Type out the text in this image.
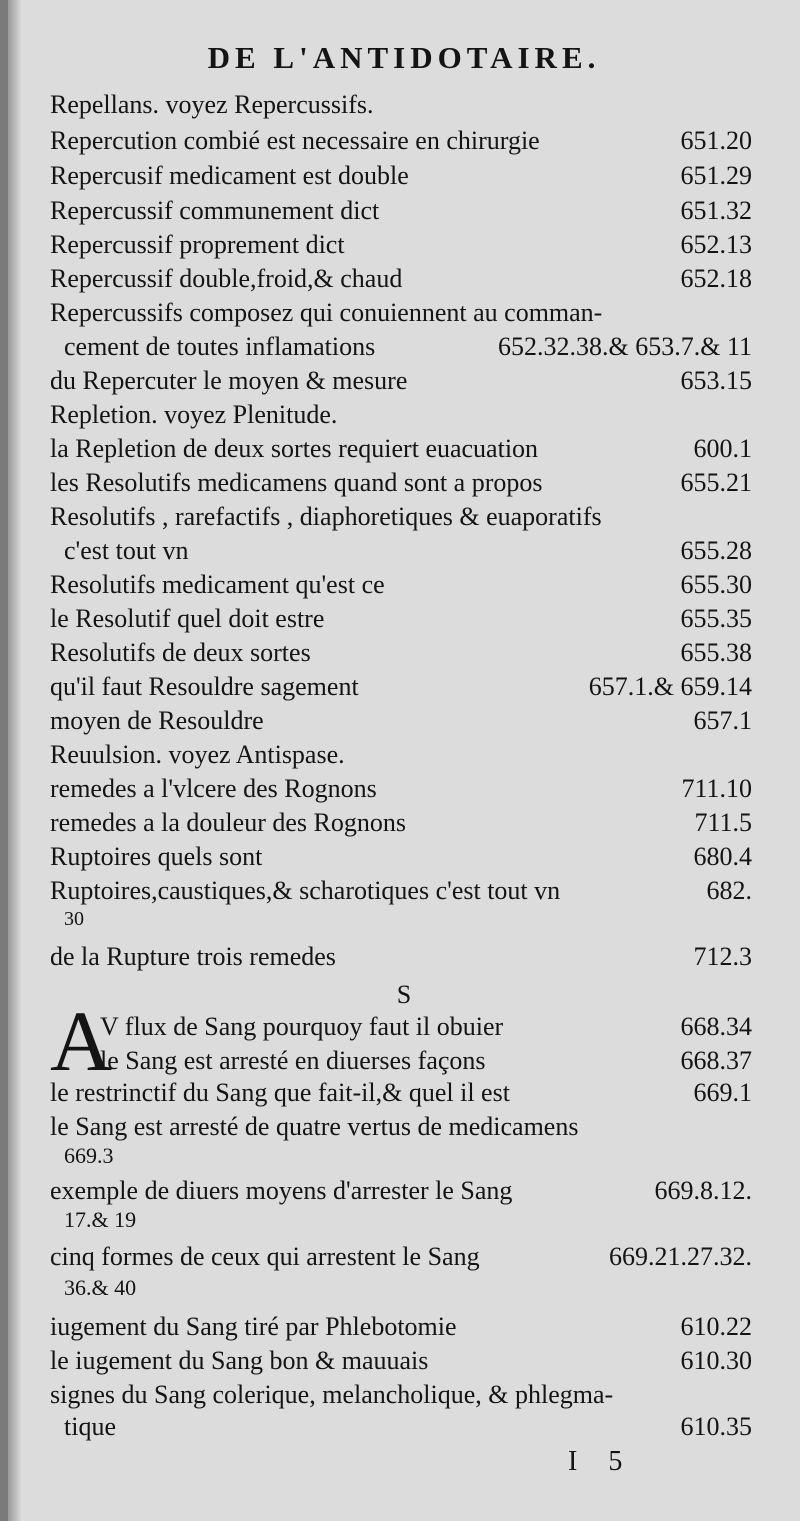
DE L'ANTIDOTAIRE.
Repellans. voyez Repercussifs.
Repercution combié est necessaire en chirurgie	651.20
Repercusif medicament est double	651.29
Repercussif communement dict	651.32
Repercussif proprement dict	652.13
Repercussif double,froid,& chaud	652.18
Repercussifs composez qui conuiennent au comman-
cement de toutes inflamations	652.32.38.& 653.7.& 11
du Repercuter le moyen & mesure	653.15
Repletion. voyez Plenitude.
la Repletion de deux sortes requiert euacuation	600.1
les Resolutifs medicamens quand sont a propos	655.21
Resolutifs , rarefactifs , diaphoretiques & euaporatifs
c'est tout vn	655.28
Resolutifs medicament qu'est ce	655.30
le Resolutif quel doit estre	655.35
Resolutifs de deux sortes	655.38
qu'il faut Resouldre sagement	657.1.& 659.14
moyen de Resouldre	657.1
Reuulsion. voyez Antispase.
remedes a l'vlcere des Rognons	711.10
remedes a la douleur des Rognons	711.5
Ruptoires quels sont	680.4
Ruptoires,caustiques,& scharotiques c'est tout vn	682.
30
de la Rupture trois remedes	712.3
S
A
V flux de Sang pourquoy faut il obuier	668.34
le Sang est arresté en diuerses façons	668.37
le restrinctif du Sang que fait-il,& quel il est	669.1
le Sang est arresté de quatre vertus de medicamens
669.3
exemple de diuers moyens d'arrester le Sang	669.8.12.
17.& 19
cinq formes de ceux qui arrestent le Sang	669.21.27.32.
36.& 40
iugement du Sang tiré par Phlebotomie	610.22
le iugement du Sang bon & mauuais	610.30
signes du Sang colerique, melancholique, & phlegma-
tique	610.35
I 5
